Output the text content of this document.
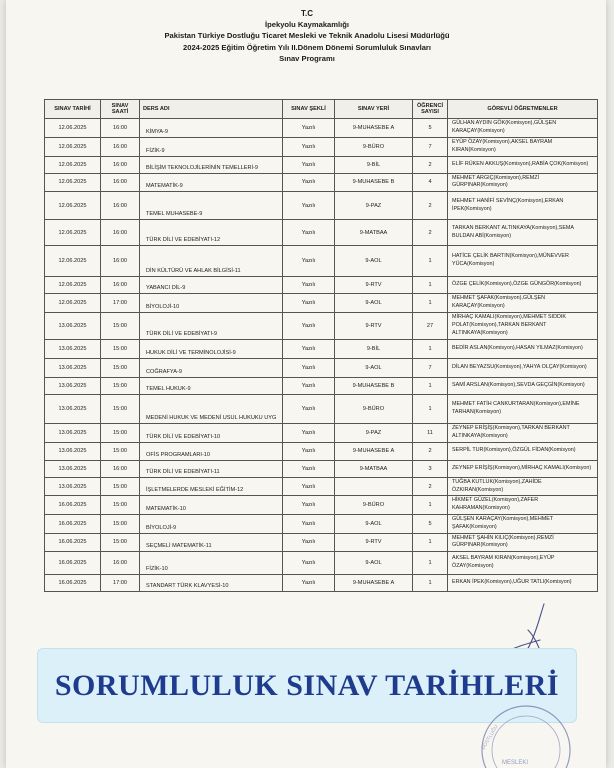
T.C
İpekyolu Kaymakamlığı
Pakistan Türkiye Dostluğu Ticaret Mesleki ve Teknik Anadolu Lisesi Müdürlüğü
2024-2025 Eğitim Öğretim Yılı II.Dönem Dönemi Sorumluluk Sınavları
Sınav Programı
SINAV TARİHİ	SINAV SAATİ	DERS ADI	SINAV ŞEKLİ	SINAV YERİ	ÖĞRENCİ SAYISI	GÖREVLİ ÖĞRETMENLER
12.06.2025	16:00	KİMYA-9	Yazılı	9-MUHASEBE A	5	GÜLHAN AYDIN GÖK(Komisyon),GÜLŞEN KARAÇAY(Komisyon)
12.06.2025	16:00	FİZİK-9	Yazılı	9-BÜRO	7	EYÜP ÖZAY(Komisyon),AKSEL BAYRAM KIRAN(Komisyon)
12.06.2025	16:00	BİLİŞİM TEKNOLOJİLERİNİN TEMELLERİ-9	Yazılı	9-BİL	2	ELİF RÜKEN AKKUŞ(Komisyon),RABİA ÇOK(Komisyon)
12.06.2025	16:00	MATEMATİK-9	Yazılı	9-MUHASEBE B	4	MEHMET ARGIÇ(Komisyon),REMZİ GÜRPINAR(Komisyon)
12.06.2025	16:00	TEMEL MUHASEBE-9	Yazılı	9-PAZ	2	MEHMET HANİFİ SEVİNÇ(Komisyon),ERKAN İPEK(Komisyon)
12.06.2025	16:00	TÜRK DİLİ VE EDEBİYATI-12	Yazılı	9-MATBAA	2	TARKAN BERKANT ALTINKAYA(Komisyon),SEMA BULDAN ABİ(Komisyon)
12.06.2025	16:00	DİN KÜLTÜRÜ VE AHLAK BİLGİSİ-11	Yazılı	9-AOL	1	HATİCE ÇELİK BARTIN(Komisyon),MÜNEVVER YÜCA(Komisyon)
12.06.2025	16:00	YABANCI DİL-9	Yazılı	9-RTV	1	ÖZGE ÇELİK(Komisyon),ÖZGE GÜNGÖR(Komisyon)
12.06.2025	17:00	BİYOLOJİ-10	Yazılı	9-AOL	1	MEHMET ŞAFAK(Komisyon),GÜLŞEN KARAÇAY(Komisyon)
13.06.2025	15:00	TÜRK DİLİ VE EDEBİYATI-9	Yazılı	9-RTV	27	MİRHAÇ KAMALI(Komisyon),MEHMET SIDDIK POLAT(Komisyon),TARKAN BERKANT ALTINKAYA(Komisyon)
13.06.2025	15:00	HUKUK DİLİ VE TERMİNOLOJİSİ-9	Yazılı	9-BİL	1	BEDİR ASLAN(Komisyon),HASAN YILMAZ(Komisyon)
13.06.2025	15:00	COĞRAFYA-9	Yazılı	9-AOL	7	DİLAN BEYAZSU(Komisyon),YAHYA OLÇAY(Komisyon)
13.06.2025	15:00	TEMEL HUKUK-9	Yazılı	9-MUHASEBE B	1	SAMİ ARSLAN(Komisyon),SEVDA GEÇGİN(Komisyon)
13.06.2025	15:00	MEDENİ HUKUK VE MEDENİ USUL HUKUKU UYG	Yazılı	9-BÜRO	1	MEHMET FATİH CANKURTARAN(Komisyon),EMİNE TARHAN(Komisyon)
13.06.2025	15:00	TÜRK DİLİ VE EDEBİYATI-10	Yazılı	9-PAZ	11	ZEYNEP ERİŞİŞ(Komisyon),TARKAN BERKANT ALTINKAYA(Komisyon)
13.06.2025	15:00	OFİS PROGRAMLARI-10	Yazılı	9-MUHASEBE A	2	SERPİL TUR(Komisyon),ÖZGÜL FİDAN(Komisyon)
13.06.2025	16:00	TÜRK DİLİ VE EDEBİYATI-11	Yazılı	9-MATBAA	3	ZEYNEP ERİŞİŞ(Komisyon),MİRHAÇ KAMALI(Komisyon)
13.06.2025	15:00	İŞLETMELERDE MESLEKİ EĞİTİM-12	Yazılı		2	TUĞBA KUTLUK(Komisyon),ZAHİDE ÖZKIRAN(Komisyon)
16.06.2025	15:00	MATEMATİK-10	Yazılı	9-BÜRO	1	HİKMET GÜZEL(Komisyon),ZAFER KAHRAMAN(Komisyon)
16.06.2025	15:00	BİYOLOJİ-9	Yazılı	9-AOL	5	GÜLŞEN KARAÇAY(Komisyon),MEHMET ŞAFAK(Komisyon)
16.06.2025	15:00	SEÇMELİ MATEMATİK-11	Yazılı	9-RTV	1	MEHMET ŞAHİN KILIÇ(Komisyon),REMZİ GÜRPINAR(Komisyon)
16.06.2025	16:00	FİZİK-10	Yazılı	9-AOL	1	AKSEL BAYRAM KIRAN(Komisyon),EYÜP ÖZAY(Komisyon)
16.06.2025	17:00	STANDART TÜRK KLAVYESİ-10	Yazılı	9-MUHASEBE A	1	ERKAN İPEK(Komisyon),UĞUR TATLI(Komisyon)
SORUMLULUK SINAV TARİHLERİ
MESLEKİ
DOSTLUĞU
